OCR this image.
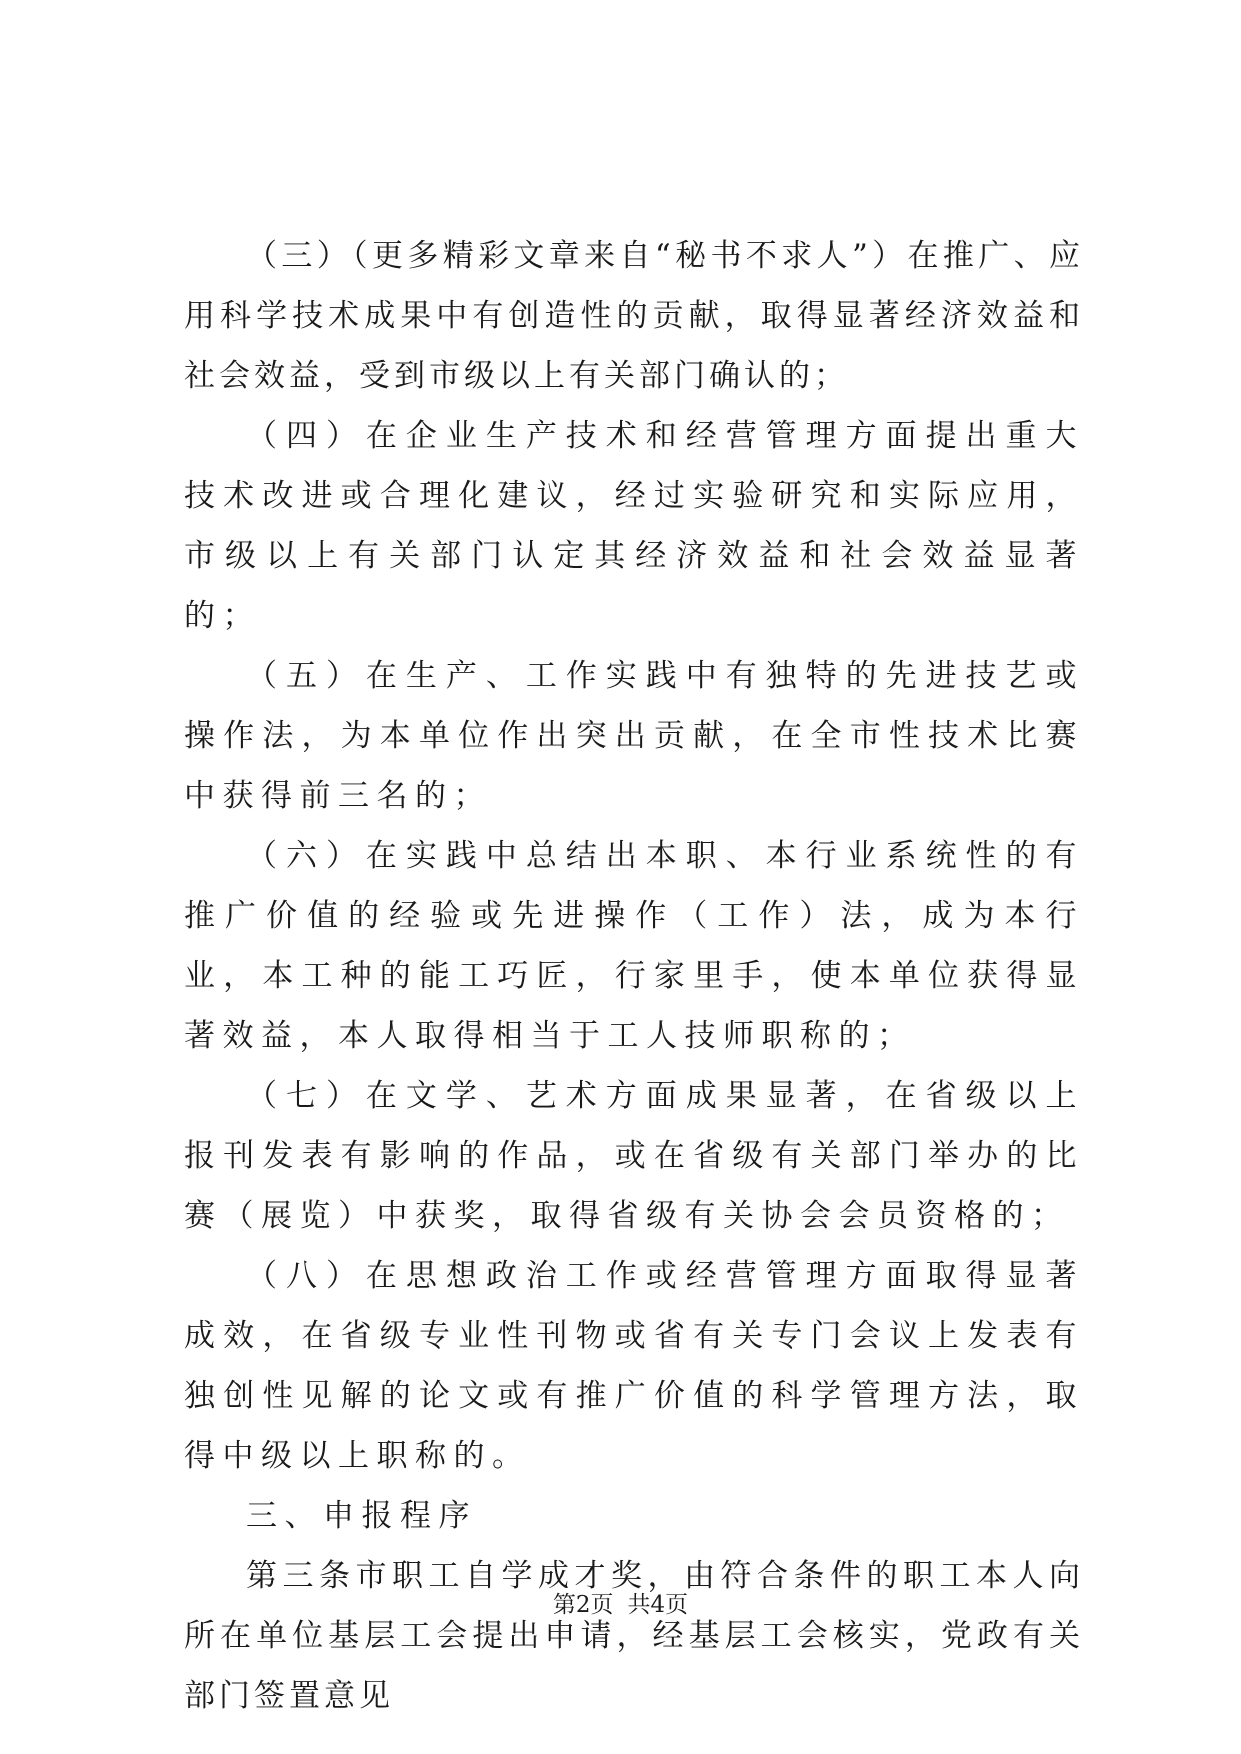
（三）（更多精彩文章来自“秘书不求人”）在推广、应用科学技术成果中有创造性的贡献，取得显著经济效益和社会效益，受到市级以上有关部门确认的；

（四）在企业生产技术和经营管理方面提出重大技术改进或合理化建议，经过实验研究和实际应用，市级以上有关部门认定其经济效益和社会效益显著的；

（五）在生产、工作实践中有独特的先进技艺或操作法，为本单位作出突出贡献，在全市性技术比赛中获得前三名的；

（六）在实践中总结出本职、本行业系统性的有推广价值的经验或先进操作（工作）法，成为本行业，本工种的能工巧匠，行家里手，使本单位获得显著效益，本人取得相当于工人技师职称的；

（七）在文学、艺术方面成果显著，在省级以上报刊发表有影响的作品，或在省级有关部门举办的比赛（展览）中获奖，取得省级有关协会会员资格的；

（八）在思想政治工作或经营管理方面取得显著成效，在省级专业性刊物或省有关专门会议上发表有独创性见解的论文或有推广价值的科学管理方法，取得中级以上职称的。

三、申报程序

第三条市职工自学成才奖，由符合条件的职工本人向所在单位基层工会提出申请，经基层工会核实，党政有关部门签置意见

第2页 共4页
